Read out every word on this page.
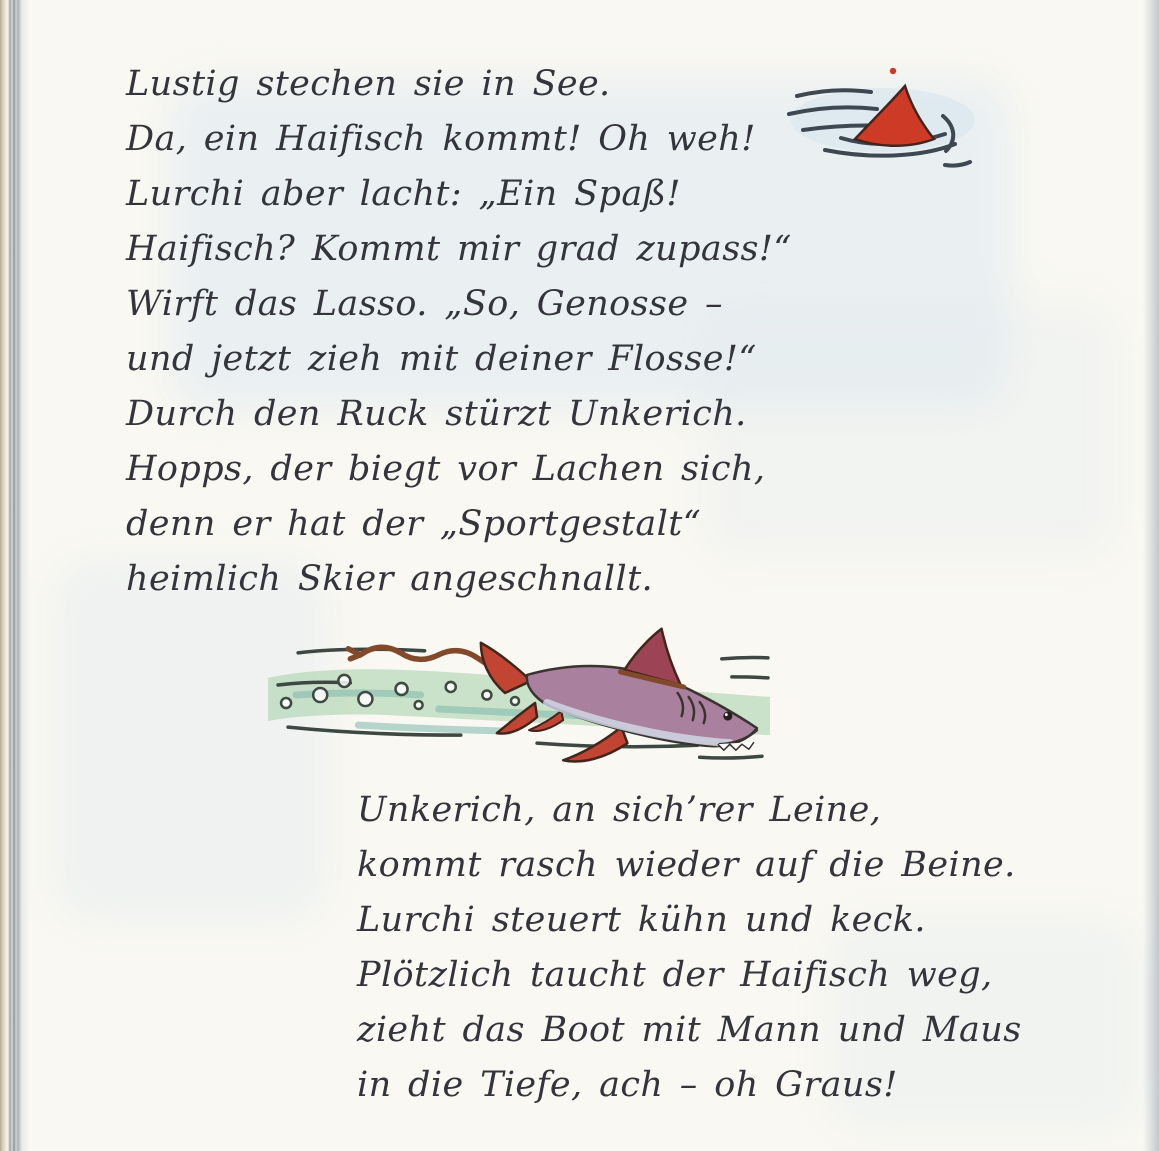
Lustig stechen sie in See.
Da, ein Haifisch kommt! Oh weh!
Lurchi aber lacht: „Ein Spaß!
Haifisch? Kommt mir grad zupass!“
Wirft das Lasso. „So, Genosse –
und jetzt zieh mit deiner Flosse!“
Durch den Ruck stürzt Unkerich.
Hopps, der biegt vor Lachen sich,
denn er hat der „Sportgestalt“
heimlich Skier angeschnallt.
Unkerich, an sich’rer Leine,
kommt rasch wieder auf die Beine.
Lurchi steuert kühn und keck.
Plötzlich taucht der Haifisch weg,
zieht das Boot mit Mann und Maus
in die Tiefe, ach – oh Graus!
